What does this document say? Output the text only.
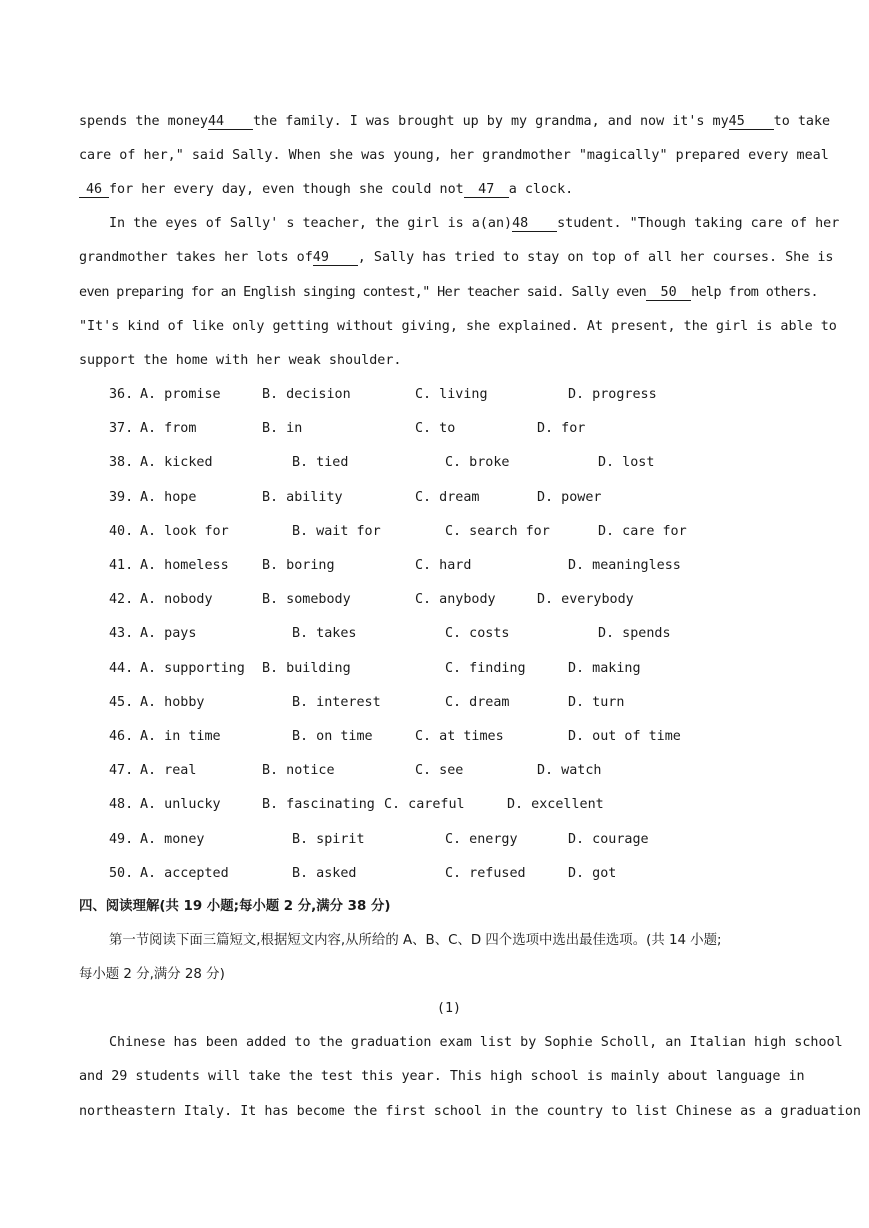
spends the money44 the family. I was brought up by my grandma, and now it's my45 to take
care of her," said Sally. When she was young, her grandmother "magically" prepared every meal
46 for her every day, even though she could not 47 a clock.
In the eyes of Sally' s teacher, the girl is a(an)48 student. "Though taking care of her
grandmother takes her lots of49 , Sally has tried to stay on top of all her courses. She is
even preparing for an English singing contest," Her teacher said. Sally even 50 help from others.
"It's kind of like only getting without giving, she explained. At present, the girl is able to
support the home with her weak shoulder.
36. A. promise	B. decision	C. living	D. progress
37. A. from	B. in	C. to	D. for
38. A. kicked	B. tied	C. broke	D. lost
39. A. hope	B. ability	C. dream	D. power
40. A. look for	B. wait for	C. search for	D. care for
41. A. homeless B. boring	C. hard	D. meaningless
42. A. nobody	B. somebody	C. anybody	D. everybody
43. A. pays	B. takes	C. costs	D. spends
44. A. supporting B. building	C. finding	D. making
45. A. hobby	B. interest	C. dream	D. turn
46. A. in time	B. on time	C. at times	D. out of time
47. A. real	B. notice	C. see	D. watch
48. A. unlucky	B. fascinating C. careful	D. excellent
49. A. money	B. spirit	C. energy	D. courage
50. A. accepted	B. asked	C. refused	D. got
四、阅读理解(共 19 小题;每小题 2 分,满分 38 分)
第一节阅读下面三篇短文,根据短文内容,从所给的 A、B、C、D 四个选项中选出最佳选项。(共 14 小题;
每小题 2 分,满分 28 分)
(1)
Chinese has been added to the graduation exam list by Sophie Scholl, an Italian high school
and 29 students will take the test this year. This high school is mainly about language in
northeastern Italy. It has become the first school in the country to list Chinese as a graduation
